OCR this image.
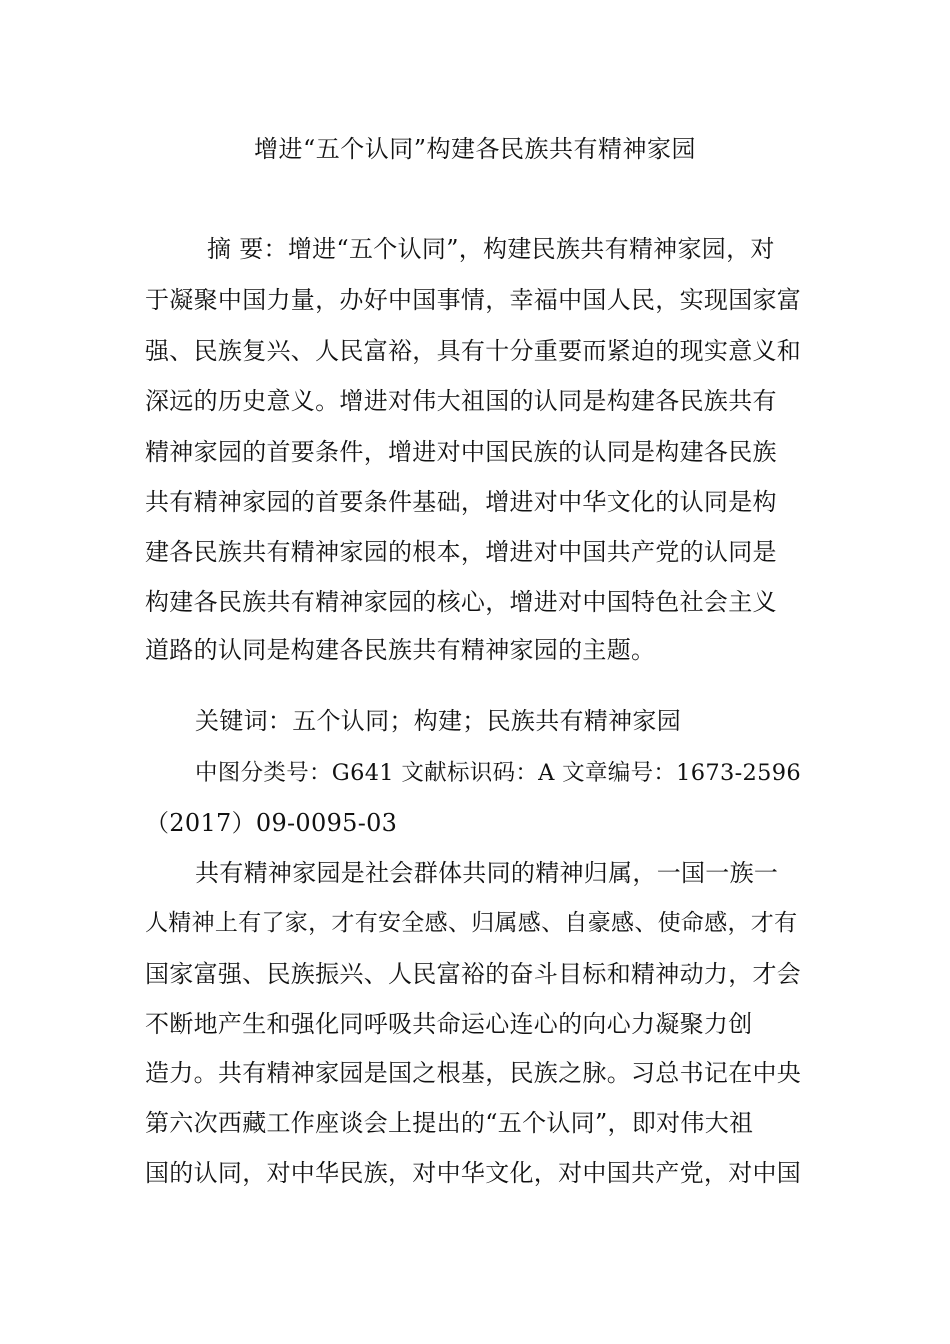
增进“五个认同”构建各民族共有精神家园
摘 要：增进“五个认同”，构建民族共有精神家园，对
于凝聚中国力量，办好中国事情，幸福中国人民，实现国家富
强、民族复兴、人民富裕，具有十分重要而紧迫的现实意义和
深远的历史意义。增进对伟大祖国的认同是构建各民族共有
精神家园的首要条件，增进对中国民族的认同是构建各民族
共有精神家园的首要条件基础，增进对中华文化的认同是构
建各民族共有精神家园的根本，增进对中国共产党的认同是
构建各民族共有精神家园的核心，增进对中国特色社会主义
道路的认同是构建各民族共有精神家园的主题。
关键词：五个认同；构建；民族共有精神家园
中图分类号：G641 文献标识码：A 文章编号：1673-2596
（2017）09-0095-03
共有精神家园是社会群体共同的精神归属，一国一族一
人精神上有了家，才有安全感、归属感、自豪感、使命感，才有
国家富强、民族振兴、人民富裕的奋斗目标和精神动力，才会
不断地产生和强化同呼吸共命运心连心的向心力凝聚力创
造力。共有精神家园是国之根基，民族之脉。习总书记在中央
第六次西藏工作座谈会上提出的“五个认同”，即对伟大祖
国的认同，对中华民族，对中华文化，对中国共产党，对中国
